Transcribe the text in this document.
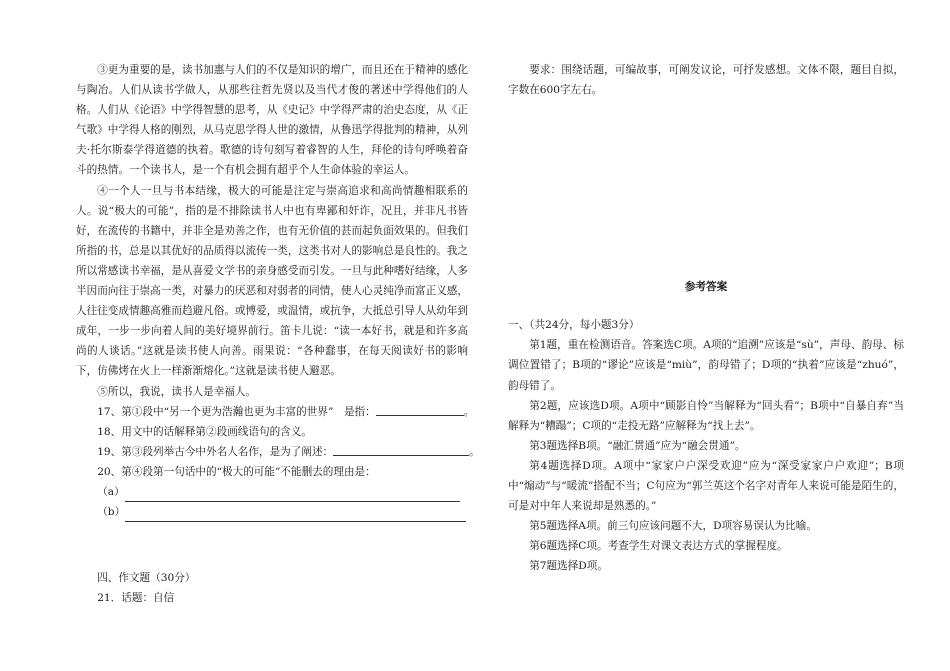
③更为重要的是，读书加惠与人们的不仅是知识的增广，而且还在于精神的感化与陶冶。人们从读书学做人，从那些往哲先贤以及当代才俊的著述中学得他们的人格。人们从《论语》中学得智慧的思考，从《史记》中学得严肃的治史态度，从《正气歌》中学得人格的刚烈，从马克思学得人世的激情，从鲁迅学得批判的精神，从列夫·托尔斯泰学得道德的执着。歌德的诗句刻写着睿智的人生，拜伦的诗句呼唤着奋斗的热情。一个读书人，是一个有机会拥有超乎个人生命体验的幸运人。

④一个人一旦与书本结缘，极大的可能是注定与崇高追求和高尚情趣相联系的人。说“极大的可能”，指的是不排除读书人中也有卑鄙和奸诈，况且，并非凡书皆好，在流传的书籍中，并非全是劝善之作，也有无价值的甚而起负面效果的。但我们所指的书，总是以其优好的品质得以流传一类，这类书对人的影响总是良性的。我之所以常感读书幸福，是从喜爱文学书的亲身感受而引发。一旦与此种嗜好结缘，人多半因而向往于崇高一类，对暴力的厌恶和对弱者的同情，使人心灵纯净而富正义感，人往往变成情趣高雅而趋避凡俗。或博爱，或温情，或抗争，大抵总引导人从幼年到成年，一步一步向着人间的美好境界前行。笛卡儿说：“读一本好书，就是和许多高尚的人谈话。”这就是读书使人向善。雨果说：“各种蠢事，在每天阅读好书的影响下，仿佛烤在火上一样渐渐熔化。”这就是读书使人避恶。

⑤所以，我说，读书人是幸福人。

17、第①段中“另一个更为浩瀚也更为丰富的世界”　是指：	。

18、用文中的话解释第②段画线语句的含义。

19、第③段列举古今中外名人名作，是为了阐述：	。

20、第④段第一句话中的“极大的可能”不能删去的理由是：

（a）

（b）

四、作文题（30分）

21．话题：自信

要求：围绕话题，可编故事，可阐发议论，可抒发感想。文体不限，题目自拟，字数在600字左右。

参考答案

一、（共24分，每小题3分）

第1题，重在检测语音。答案选C项。A项的“追溯”应该是“sù”，声母、韵母、标调位置错了；B项的“谬论”应该是“miù”，韵母错了；D项的“执着”应该是“zhuó”，韵母错了。

第2题，应该选D项。A项中“顾影自怜”当解释为“回头看”；B项中“自暴自弃”当解释为“糟蹋”；C项的“走投无路”应解释为“找上去”。

第3题选择B项。“融汇贯通”应为“融会贯通”。

第4题选择D项。A项中“家家户户深受欢迎”应为“深受家家户户欢迎”；B项中“煽动”与“暖流”搭配不当；C句应为“郭兰英这个名字对青年人来说可能是陌生的，可是对中年人来说却是熟悉的。”

第5题选择A项。前三句应该问题不大，D项容易误认为比喻。

第6题选择C项。考查学生对课文表达方式的掌握程度。

第7题选择D项。
